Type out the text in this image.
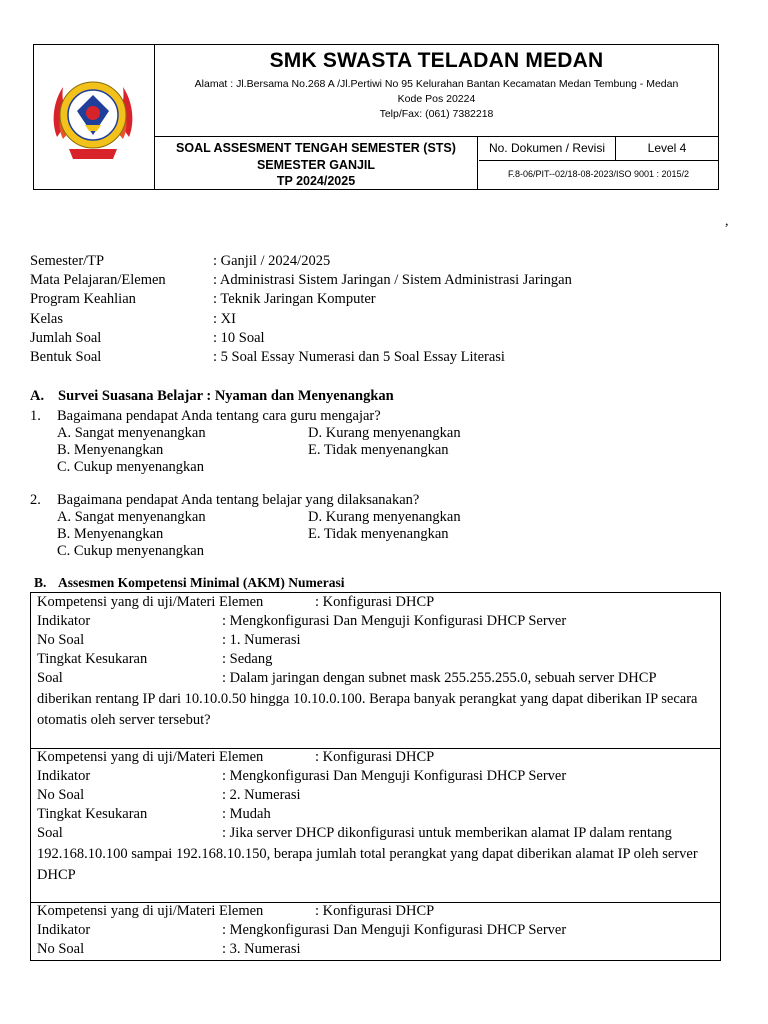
MEDAN
SMK SWASTA TELADAN MEDAN
Alamat : Jl.Bersama No.268 A /Jl.Pertiwi No 95 Kelurahan Bantan Kecamatan Medan Tembung - Medan
Kode Pos 20224
Telp/Fax: (061) 7382218
SOAL ASSESMENT TENGAH SEMESTER (STS)
SEMESTER GANJIL
TP 2024/2025
No. Dokumen / Revisi	Level 4
F.8-06/PIT--02/18-08-2023/ISO 9001 : 2015/2
,
Semester/TP	: Ganjil / 2024/2025
Mata Pelajaran/Elemen	: Administrasi Sistem Jaringan / Sistem Administrasi Jaringan
Program Keahlian	: Teknik Jaringan Komputer
Kelas	: XI
Jumlah Soal	: 10 Soal
Bentuk Soal	: 5 Soal Essay Numerasi dan 5 Soal Essay Literasi
A. Survei Suasana Belajar : Nyaman dan Menyenangkan
1. Bagaimana pendapat Anda tentang cara guru mengajar?
A. Sangat menyenangkan
B. Menyenangkan
C. Cukup menyenangkan
D. Kurang menyenangkan
E. Tidak menyenangkan
2. Bagaimana pendapat Anda tentang belajar yang dilaksanakan?
A. Sangat menyenangkan
B. Menyenangkan
C. Cukup menyenangkan
D. Kurang menyenangkan
E. Tidak menyenangkan
B. Assesmen Kompetensi Minimal (AKM) Numerasi
Kompetensi yang di uji/Materi Elemen	: Konfigurasi DHCP
Indikator	: Mengkonfigurasi Dan Menguji Konfigurasi DHCP Server
No Soal	: 1. Numerasi
Tingkat Kesukaran	: Sedang
Soal	: Dalam jaringan dengan subnet mask 255.255.255.0, sebuah server DHCP
diberikan rentang IP dari 10.10.0.50 hingga 10.10.0.100. Berapa banyak perangkat yang dapat diberikan IP secara otomatis oleh server tersebut?
Kompetensi yang di uji/Materi Elemen	: Konfigurasi DHCP
Indikator	: Mengkonfigurasi Dan Menguji Konfigurasi DHCP Server
No Soal	: 2. Numerasi
Tingkat Kesukaran	: Mudah
Soal	: Jika server DHCP dikonfigurasi untuk memberikan alamat IP dalam rentang
192.168.10.100 sampai 192.168.10.150, berapa jumlah total perangkat yang dapat diberikan alamat IP oleh server DHCP
Kompetensi yang di uji/Materi Elemen	: Konfigurasi DHCP
Indikator	: Mengkonfigurasi Dan Menguji Konfigurasi DHCP Server
No Soal	: 3. Numerasi
